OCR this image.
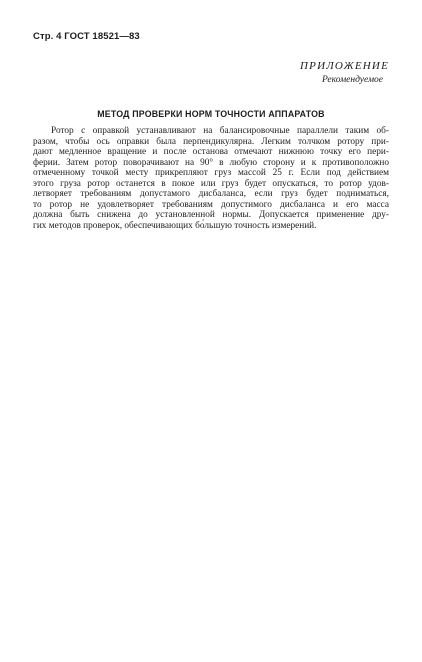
Стр. 4 ГОСТ 18521—83
ПРИЛОЖЕНИЕ
Рекомендуемое
МЕТОД ПРОВЕРКИ НОРМ ТОЧНОСТИ АППАРАТОВ
Ротор с оправкой устанавливают на балансировочные параллели таким об-
разом, чтобы ось оправки была перпендикулярна. Легким толчком ротору при-
дают медленное вращение и после останова отмечают нижнюю точку его пери-
ферии. Затем ротор поворачивают на 90° в любую сторону и к противоположно
отмеченному точкой месту прикрепляют груз массой 25 г. Если под действием
этого груза ротор останется в покое или груз будет опускаться, то ротор удов-
летворяет требованиям допустамого дисбаланса, если груз будет подниматься,
то ротор не удовлетворяет требованиям допустимого дисбаланса и его масса
должна быть снижена до установленной нормы. Допускается применение дру-
гих методов проверок, обеспечивающих бо́льшую точность измерений.
